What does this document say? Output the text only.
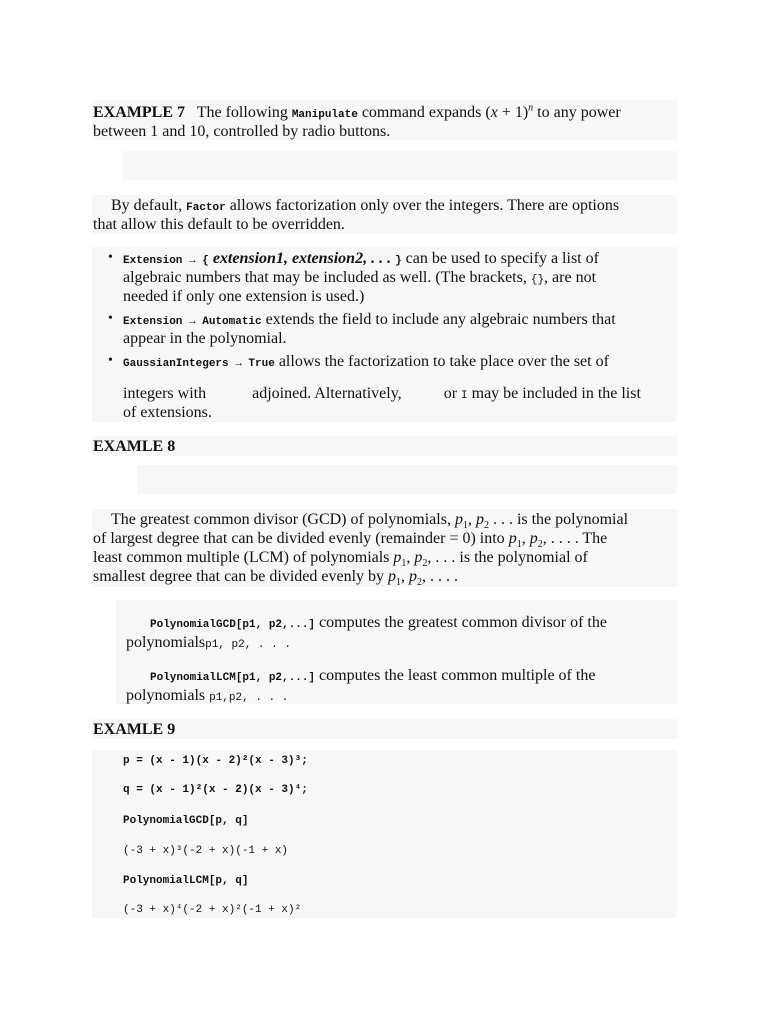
EXAMPLE 7 The following Manipulate command expands $(x + 1)^n$ to any power

between 1 and 10, controlled by radio buttons.

By default, Factor allows factorization only over the integers. There are options

that allow this default to be overridden.

• Extension → { extension1, extension2, . . . } can be used to specify a list of

algebraic numbers that may be included as well. (The brackets, {}, are not

needed if only one extension is used.)

• Extension → Automatic extends the field to include any algebraic numbers that

appear in the polynomial.

• GaussianIntegers → True allows the factorization to take place over the set of

integers with	adjoined. Alternatively,	or I may be included in the list

of extensions.

EXAMLE 8

The greatest common divisor (GCD) of polynomials, $p_1$, $p_2$ . . . is the polynomial

of largest degree that can be divided evenly (remainder = 0) into $p_1$, $p_2$, . . . . The

least common multiple (LCM) of polynomials $p_1$, $p_2$, . . . is the polynomial of

smallest degree that can be divided evenly by $p_1$, $p_2$, . . . .

PolynomialGCD[p1, p2,...] computes the greatest common divisor of the

polynomialsp1, p2, . . .

PolynomialLCM[p1, p2,...] computes the least common multiple of the

polynomials p1,p2, . . .

EXAMLE 9

p = (x - 1)(x - 2)²(x - 3)³;
q = (x - 1)²(x - 2)(x - 3)⁴;
PolynomialGCD[p, q]
(-3 + x)³(-2 + x)(-1 + x)
PolynomialLCM[p, q]
(-3 + x)⁴(-2 + x)²(-1 + x)²
